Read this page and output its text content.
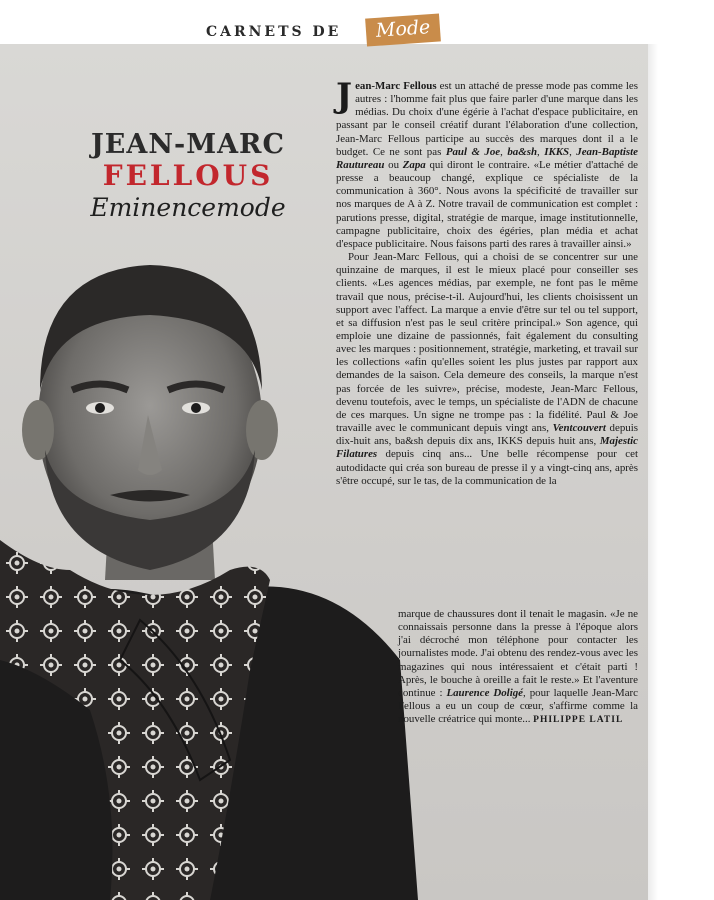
CARNETS DE	Mode
JEAN-MARC
FELLOUS
Eminencemode

Jean-Marc Fellous est un attaché de presse mode pas comme les autres : l'homme fait plus que faire parler d'une marque dans les médias. Du choix d'une égérie à l'achat d'espace publicitaire, en passant par le conseil créatif durant l'élaboration d'une collection, Jean-Marc Fellous participe au succès des marques dont il a le budget. Ce ne sont pas Paul & Joe, ba&sh, IKKS, Jean-Baptiste Rautureau ou Zapa qui diront le contraire. «Le métier d'attaché de presse a beaucoup changé, explique ce spécialiste de la communication à 360°. Nous avons la spécificité de travailler sur nos marques de A à Z. Notre travail de communication est complet : parutions presse, digital, stratégie de marque, image institutionnelle, campagne publicitaire, choix des égéries, plan média et achat d'espace publicitaire. Nous faisons parti des rares à travailler ainsi.»

Pour Jean-Marc Fellous, qui a choisi de se concentrer sur une quinzaine de marques, il est le mieux placé pour conseiller ses clients. «Les agences médias, par exemple, ne font pas le même travail que nous, précise-t-il. Aujourd'hui, les clients choisissent un support avec l'affect. La marque a envie d'être sur tel ou tel support, et sa diffusion n'est pas le seul critère principal.» Son agence, qui emploie une dizaine de passionnés, fait également du consulting avec les marques : positionnement, stratégie, marketing, et travail sur les collections «afin qu'elles soient les plus justes par rapport aux demandes de la saison. Cela demeure des conseils, la marque n'est pas forcée de les suivre», précise, modeste, Jean-Marc Fellous, devenu toutefois, avec le temps, un spécialiste de l'ADN de chacune de ces marques. Un signe ne trompe pas : la fidélité. Paul & Joe travaille avec le communicant depuis vingt ans, Ventcouvert depuis dix-huit ans, ba&sh depuis dix ans, IKKS depuis huit ans, Majestic Filatures depuis cinq ans... Une belle récompense pour cet autodidacte qui créa son bureau de presse il y a vingt-cinq ans, après s'être occupé, sur le tas, de la communication de la

marque de chaussures dont il tenait le magasin. «Je ne connaissais personne dans la presse à l'époque alors j'ai décroché mon téléphone pour contacter les journalistes mode. J'ai obtenu des rendez-vous avec les magazines qui nous intéressaient et c'était parti ! Après, le bouche à oreille a fait le reste.» Et l'aventure continue : Laurence Doligé, pour laquelle Jean-Marc Fellous a eu un coup de cœur, s'affirme comme la nouvelle créatrice qui monte... PHILIPPE LATIL
